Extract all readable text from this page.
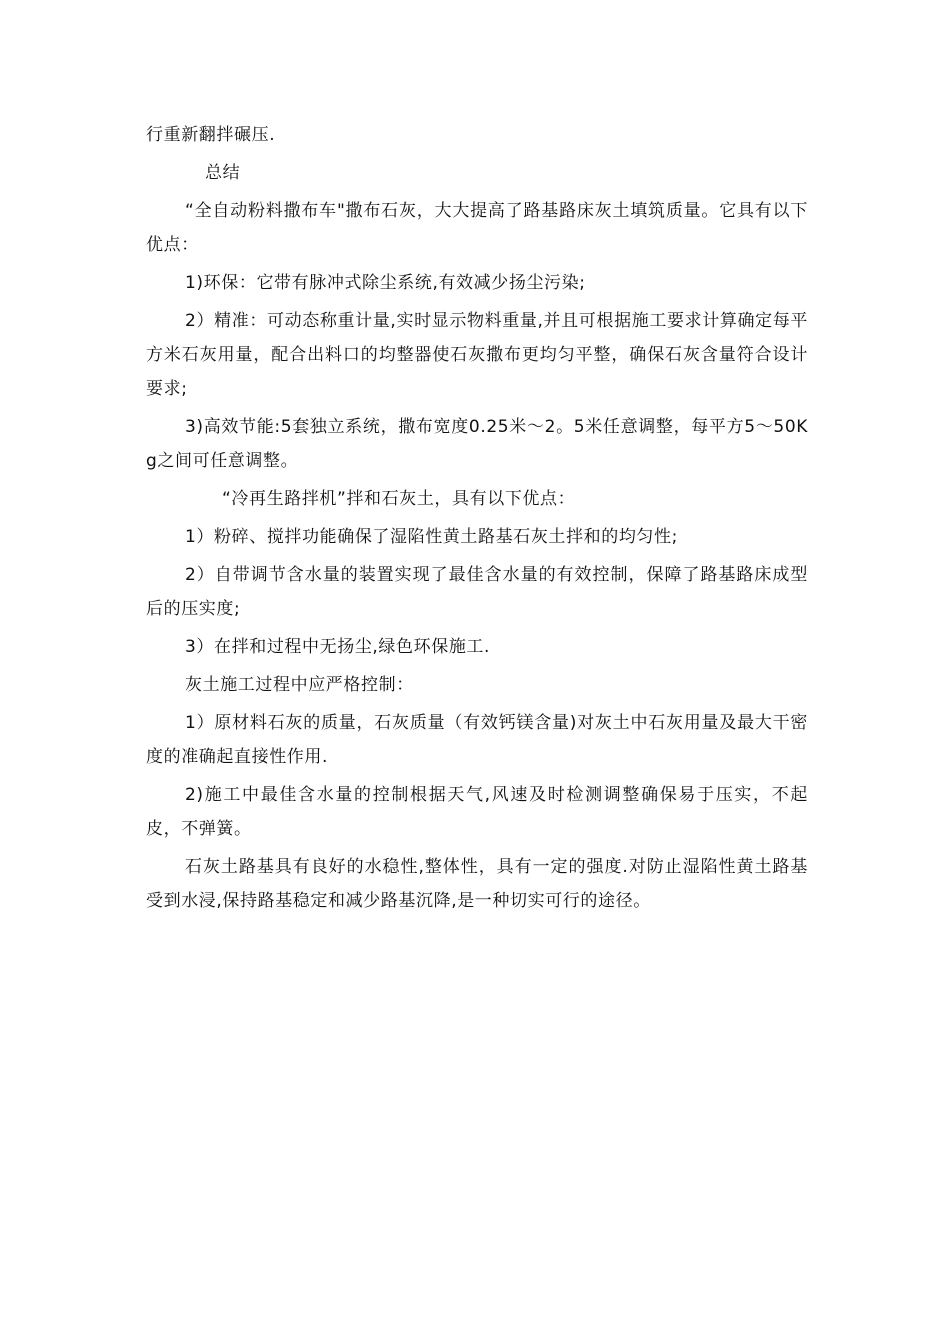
行重新翻拌碾压.

总结

“全自动粉料撒布车"撒布石灰，大大提高了路基路床灰土填筑质量。它具有以下优点：

1)环保：它带有脉冲式除尘系统,有效减少扬尘污染;

2）精准：可动态称重计量,实时显示物料重量,并且可根据施工要求计算确定每平方米石灰用量，配合出料口的均整器使石灰撒布更均匀平整，确保石灰含量符合设计要求;

3)高效节能:5套独立系统，撒布宽度0.25米～2。5米任意调整，每平方5～50Kg之间可任意调整。

“冷再生路拌机”拌和石灰土，具有以下优点：

1）粉碎、搅拌功能确保了湿陷性黄土路基石灰土拌和的均匀性;

2）自带调节含水量的装置实现了最佳含水量的有效控制，保障了路基路床成型后的压实度;

3）在拌和过程中无扬尘,绿色环保施工.

灰土施工过程中应严格控制：

1）原材料石灰的质量，石灰质量（有效钙镁含量)对灰土中石灰用量及最大干密度的准确起直接性作用.

2)施工中最佳含水量的控制根据天气,风速及时检测调整确保易于压实，不起皮，不弹簧。

石灰土路基具有良好的水稳性,整体性，具有一定的强度.对防止湿陷性黄土路基受到水浸,保持路基稳定和减少路基沉降,是一种切实可行的途径。
